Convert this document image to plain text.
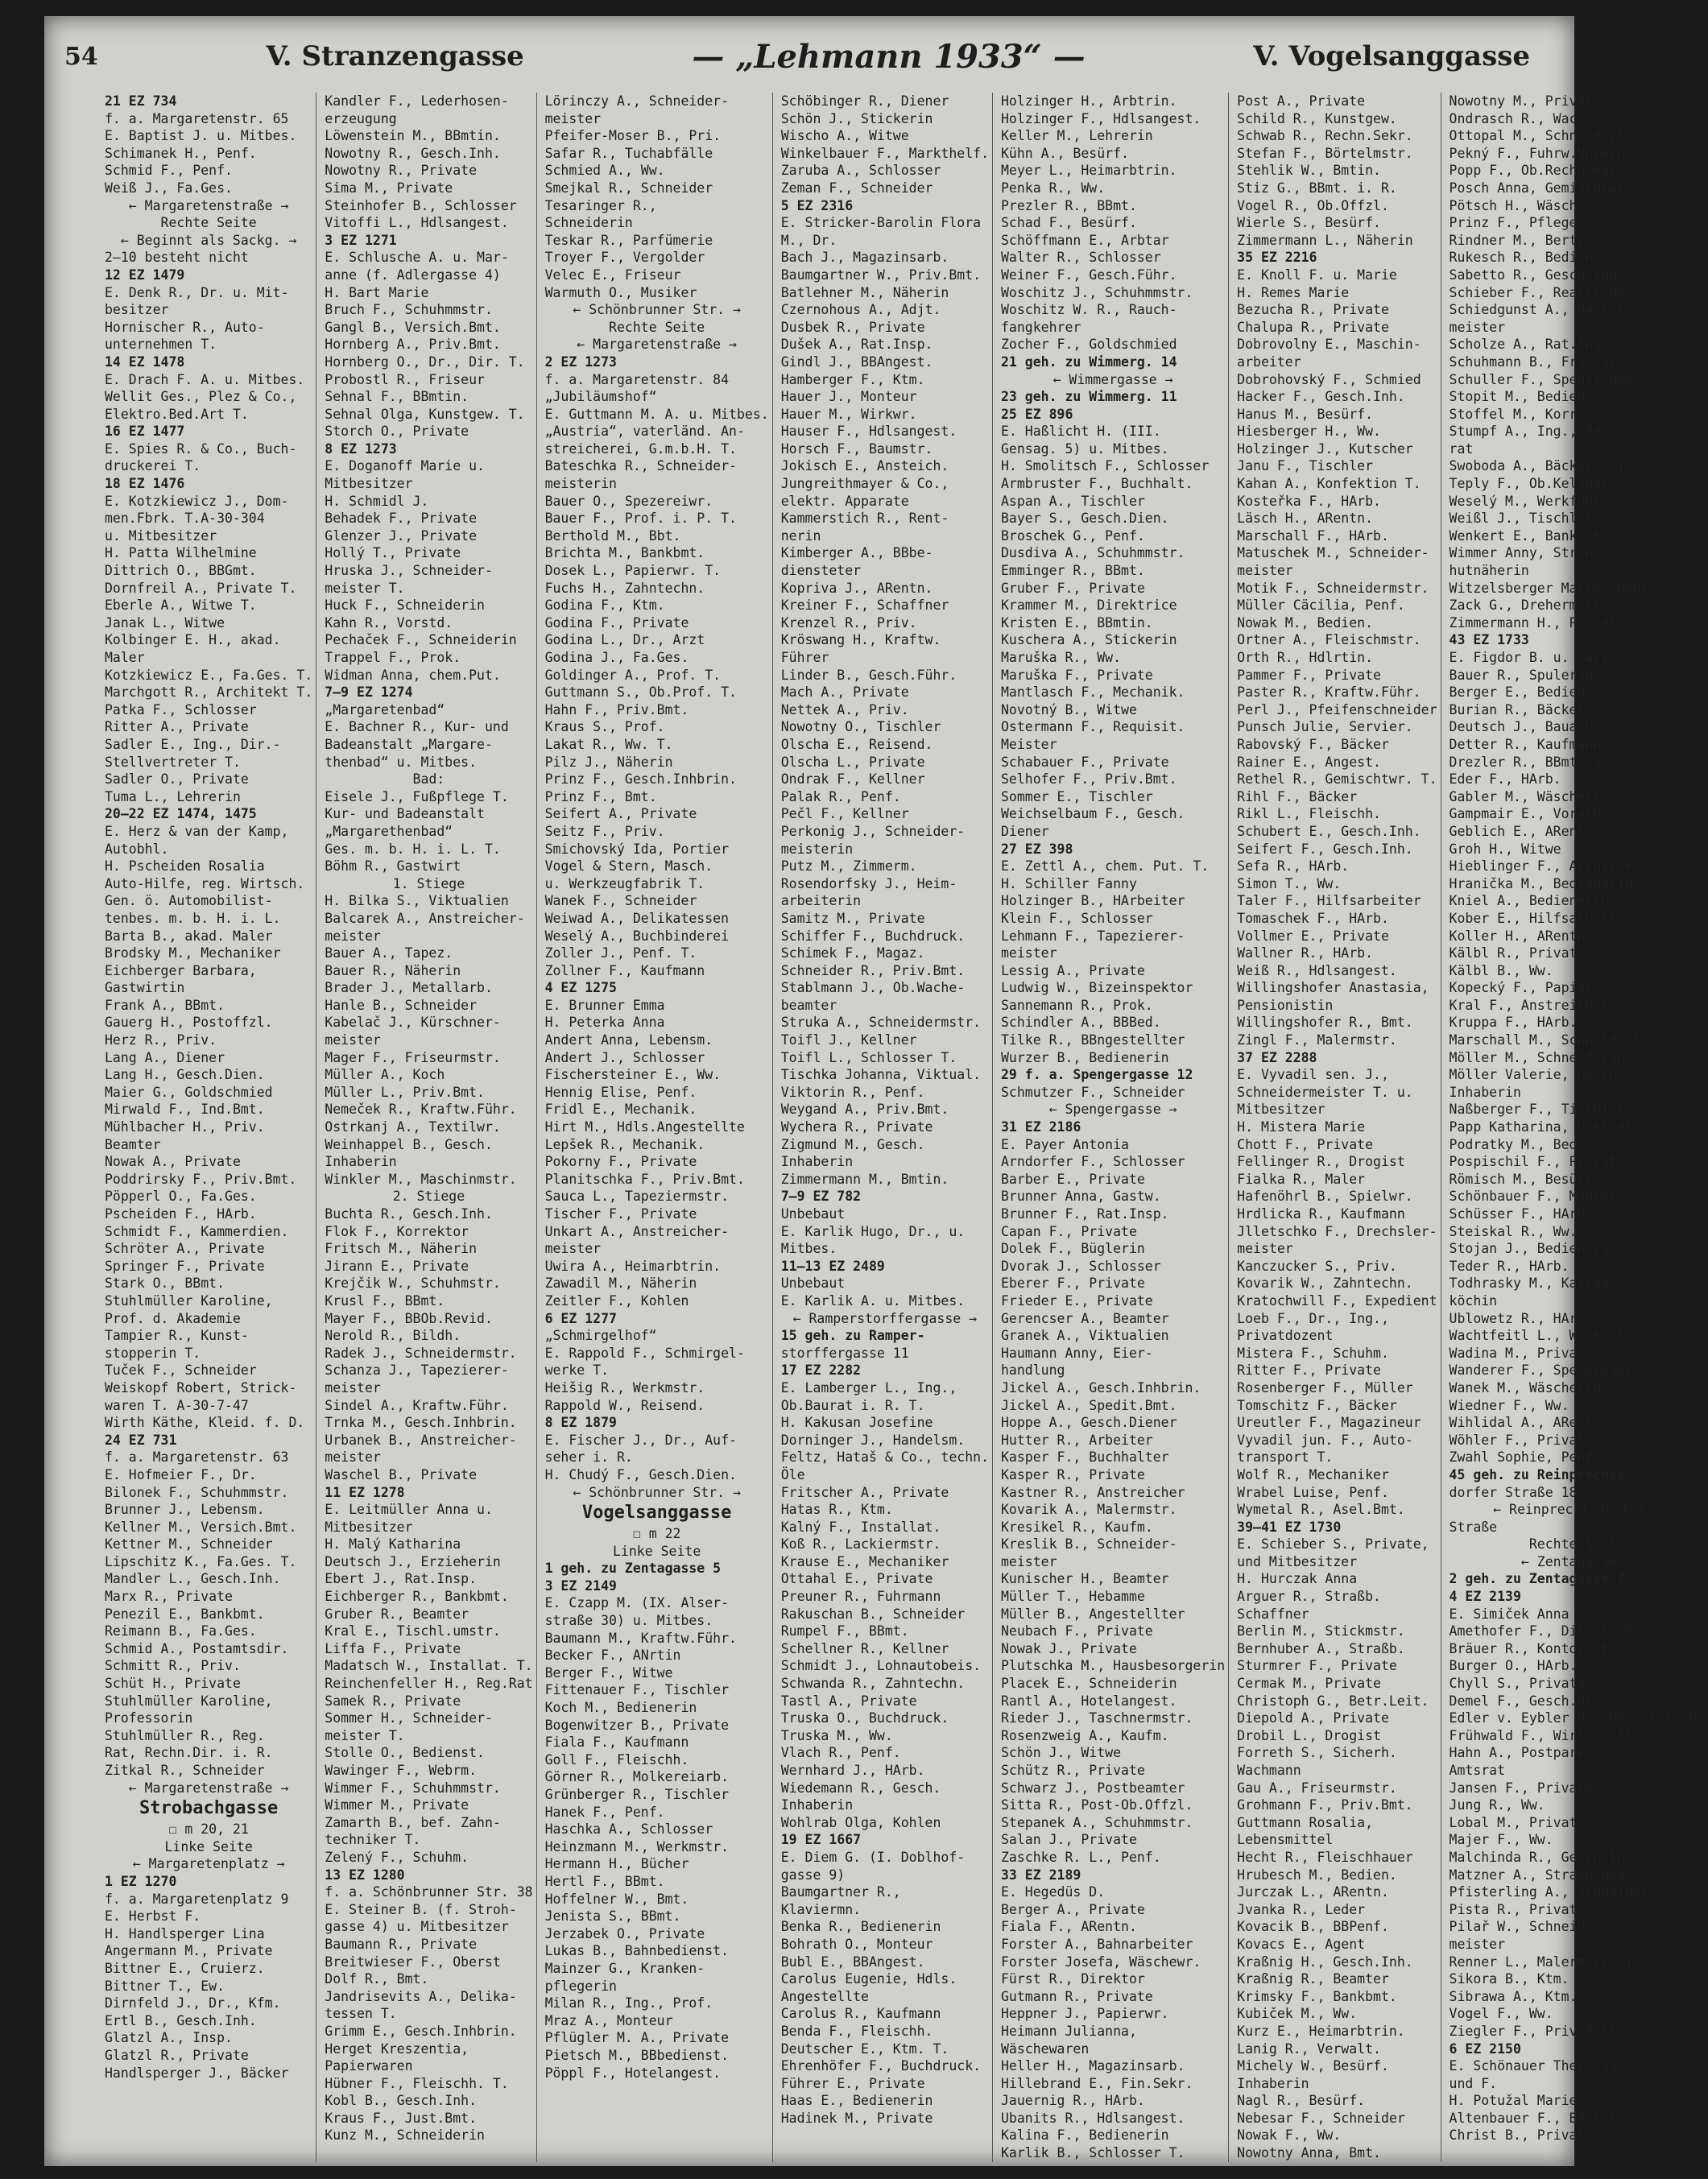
54	V. Stranzengasse	— „Lehmann 1933“ —	V. Vogelsanggasse
21 EZ 734
f. a. Margaretenstr. 65
E. Baptist J. u. Mitbes.
Schimanek H., Penf.
Schmid F., Penf.
Weiß J., Fa.Ges.
← Margaretenstraße →
Rechte Seite
← Beginnt als Sackg. →
2—10 besteht nicht
12 EZ 1479
E. Denk R., Dr. u. Mit-
besitzer
Hornischer R., Auto-
unternehmen T.
14 EZ 1478
E. Drach F. A. u. Mitbes.
Wellit Ges., Plez & Co.,
Elektro.Bed.Art T.
16 EZ 1477
E. Spies R. & Co., Buch-
druckerei T.
18 EZ 1476
E. Kotzkiewicz J., Dom-
men.Fbrk. T.A-30-304
u. Mitbesitzer
H. Patta Wilhelmine
Dittrich O., BBGmt.
Dornfreil A., Private T.
Eberle A., Witwe T.
Janak L., Witwe
Kolbinger E. H., akad.
Maler
Kotzkiewicz E., Fa.Ges. T.
Marchgott R., Architekt T.
Patka F., Schlosser
Ritter A., Private
Sadler E., Ing., Dir.-
Stellvertreter T.
Sadler O., Private
Tuma L., Lehrerin
20—22 EZ 1474, 1475
E. Herz & van der Kamp,
Autobhl.
H. Pscheiden Rosalia
Auto-Hilfe, reg. Wirtsch.
Gen. ö. Automobilist-
tenbes. m. b. H. i. L.
Barta B., akad. Maler
Brodsky M., Mechaniker
Eichberger Barbara,
Gastwirtin
Frank A., BBmt.
Gauerg H., Postoffzl.
Herz R., Priv.
Lang A., Diener
Lang H., Gesch.Dien.
Maier G., Goldschmied
Mirwald F., Ind.Bmt.
Mühlbacher H., Priv.
Beamter
Nowak A., Private
Poddrirsky F., Priv.Bmt.
Pöpperl O., Fa.Ges.
Pscheiden F., HArb.
Schmidt F., Kammerdien.
Schröter A., Private
Springer F., Private
Stark O., BBmt.
Stuhlmüller Karoline,
Prof. d. Akademie
Tampier R., Kunst-
stopperin T.
Tuček F., Schneider
Weiskopf Robert, Strick-
waren T. A-30-7-47
Wirth Käthe, Kleid. f. D.
24 EZ 731
f. a. Margaretenstr. 63
E. Hofmeier F., Dr.
Bilonek F., Schuhmmstr.
Brunner J., Lebensm.
Kellner M., Versich.Bmt.
Kettner M., Schneider
Lipschitz K., Fa.Ges. T.
Mandler L., Gesch.Inh.
Marx R., Private
Penezil E., Bankbmt.
Reimann B., Fa.Ges.
Schmid A., Postamtsdir.
Schmitt R., Priv.
Schüt H., Private
Stuhlmüller Karoline,
Professorin
Stuhlmüller R., Reg.
Rat, Rechn.Dir. i. R.
Zitkal R., Schneider
← Margaretenstraße →
Strobachgasse
☐ m 20, 21
Linke Seite
← Margaretenplatz →
1 EZ 1270
f. a. Margaretenplatz 9
E. Herbst F.
H. Handlsperger Lina
Angermann M., Private
Bittner E., Cruierz.
Bittner T., Ew.
Dirnfeld J., Dr., Kfm.
Ertl B., Gesch.Inh.
Glatzl A., Insp.
Glatzl R., Private
Handlsperger J., Bäcker
Kandler F., Lederhosen-
erzeugung
Löwenstein M., BBmtin.
Nowotny R., Gesch.Inh.
Nowotny R., Private
Sima M., Private
Steinhofer B., Schlosser
Vitoffi L., Hdlsangest.
3 EZ 1271
E. Schlusche A. u. Mar-
anne (f. Adlergasse 4)
H. Bart Marie
Bruch F., Schuhmmstr.
Gangl B., Versich.Bmt.
Hornberg A., Priv.Bmt.
Hornberg O., Dr., Dir. T.
Probostl R., Friseur
Sehnal F., BBmtin.
Sehnal Olga, Kunstgew. T.
Storch O., Private
8 EZ 1273
E. Doganoff Marie u.
Mitbesitzer
H. Schmidl J.
Behadek F., Private
Glenzer J., Private
Hollý T., Private
Hruska J., Schneider-
meister T.
Huck F., Schneiderin
Kahn R., Vorstd.
Pechaček F., Schneiderin
Trappel F., Prok.
Widman Anna, chem.Put.
7—9 EZ 1274
„Margaretenbad“
E. Bachner R., Kur- und
Badeanstalt „Margare-
thenbad“ u. Mitbes.
Bad:
Eisele J., Fußpflege T.
Kur- und Badeanstalt
„Margarethenbad“
Ges. m. b. H. i. L. T.
Böhm R., Gastwirt
1. Stiege
H. Bilka S., Viktualien
Balcarek A., Anstreicher-
meister
Bauer A., Tapez.
Bauer R., Näherin
Brader J., Metallarb.
Hanle B., Schneider
Kabelač J., Kürschner-
meister
Mager F., Friseurmstr.
Müller A., Koch
Müller L., Priv.Bmt.
Nemeček R., Kraftw.Führ.
Ostrkanj A., Textilwr.
Weinhappel B., Gesch.
Inhaberin
Winkler M., Maschinmstr.
2. Stiege
Buchta R., Gesch.Inh.
Flok F., Korrektor
Fritsch M., Näherin
Jirann E., Private
Krejčik W., Schuhmstr.
Krusl F., BBmt.
Mayer F., BBOb.Revid.
Nerold R., Bildh.
Radek J., Schneidermstr.
Schanza J., Tapezierer-
meister
Sindel A., Kraftw.Führ.
Trnka M., Gesch.Inhbrin.
Urbanek B., Anstreicher-
meister
Waschel B., Private
11 EZ 1278
E. Leitmüller Anna u.
Mitbesitzer
H. Malý Katharina
Deutsch J., Erzieherin
Ebert J., Rat.Insp.
Eichberger R., Bankbmt.
Gruber R., Beamter
Kral E., Tischl.umstr.
Liffa F., Private
Madatsch W., Installat. T.
Reinchenfeller H., Reg.Rat
Samek R., Private
Sommer H., Schneider-
meister T.
Stolle O., Bedienst.
Wawinger F., Webrm.
Wimmer F., Schuhmmstr.
Wimmer M., Private
Zamarth B., bef. Zahn-
techniker T.
Zelený F., Schuhm.
13 EZ 1280
f. a. Schönbrunner Str. 38
E. Steiner B. (f. Stroh-
gasse 4) u. Mitbesitzer
Baumann R., Private
Breitwieser F., Oberst
Dolf R., Bmt.
Jandrisevits A., Delika-
tessen T.
Grimm E., Gesch.Inhbrin.
Herget Kreszentia,
Papierwaren
Hübner F., Fleischh. T.
Kobl B., Gesch.Inh.
Kraus F., Just.Bmt.
Kunz M., Schneiderin
Lörinczy A., Schneider-
meister
Pfeifer-Moser B., Pri.
Safar R., Tuchabfälle
Schmied A., Ww.
Smejkal R., Schneider
Tesaringer R.,
Schneiderin
Teskar R., Parfümerie
Troyer F., Vergolder
Velec E., Friseur
Warmuth O., Musiker
← Schönbrunner Str. →
Rechte Seite
← Margaretenstraße →
2 EZ 1273
f. a. Margaretenstr. 84
„Jubiläumshof“
E. Guttmann M. A. u. Mitbes.
„Austria“, vaterländ. An-
streicherei, G.m.b.H. T.
Bateschka R., Schneider-
meisterin
Bauer O., Spezereiwr.
Bauer F., Prof. i. P. T.
Berthold M., Bbt.
Brichta M., Bankbmt.
Dosek L., Papierwr. T.
Fuchs H., Zahntechn.
Godina F., Ktm.
Godina F., Private
Godina L., Dr., Arzt
Godina J., Fa.Ges.
Goldinger A., Prof. T.
Guttmann S., Ob.Prof. T.
Hahn F., Priv.Bmt.
Kraus S., Prof.
Lakat R., Ww. T.
Pilz J., Näherin
Prinz F., Gesch.Inhbrin.
Prinz F., Bmt.
Seifert A., Private
Seitz F., Priv.
Smichovský Ida, Portier
Vogel & Stern, Masch.
u. Werkzeugfabrik T.
Wanek F., Schneider
Weiwad A., Delikatessen
Weselý A., Buchbinderei
Zoller J., Penf. T.
Zollner F., Kaufmann
4 EZ 1275
E. Brunner Emma
H. Peterka Anna
Andert Anna, Lebensm.
Andert J., Schlosser
Fischersteiner E., Ww.
Hennig Elise, Penf.
Fridl E., Mechanik.
Hirt M., Hdls.Angestellte
Lepšek R., Mechanik.
Pokorny F., Private
Planitschka F., Priv.Bmt.
Sauca L., Tapeziermstr.
Tischer F., Private
Unkart A., Anstreicher-
meister
Uwira A., Heimarbtrin.
Zawadil M., Näherin
Zeitler F., Kohlen
6 EZ 1277
„Schmirgelhof“
E. Rappold F., Schmirgel-
werke T.
Heišig R., Werkmstr.
Rappold W., Reisend.
8 EZ 1879
E. Fischer J., Dr., Auf-
seher i. R.
H. Chudý F., Gesch.Dien.
← Schönbrunner Str. →
Vogelsanggasse
☐ m 22
Linke Seite
1 geh. zu Zentagasse 5
3 EZ 2149
E. Czapp M. (IX. Alser-
straße 30) u. Mitbes.
Baumann M., Kraftw.Führ.
Becker F., ANrtin
Berger F., Witwe
Fittenauer F., Tischler
Koch M., Bedienerin
Bogenwitzer B., Private
Fiala F., Kaufmann
Goll F., Fleischh.
Görner R., Molkereiarb.
Grünberger R., Tischler
Hanek F., Penf.
Haschka A., Schlosser
Heinzmann M., Werkmstr.
Hermann H., Bücher
Hertl F., BBmt.
Hoffelner W., Bmt.
Jenista S., BBmt.
Jerzabek O., Private
Lukas B., Bahnbedienst.
Mainzer G., Kranken-
pflegerin
Milan R., Ing., Prof.
Mraz A., Monteur
Pflügler M. A., Private
Pietsch M., BBbedienst.
Pöppl F., Hotelangest.
Schöbinger R., Diener
Schön J., Stickerin
Wischo A., Witwe
Winkelbauer F., Markthelf.
Zaruba A., Schlosser
Zeman F., Schneider
5 EZ 2316
E. Stricker-Barolin Flora
M., Dr.
Bach J., Magazinsarb.
Baumgartner W., Priv.Bmt.
Batlehner M., Näherin
Czernohous A., Adjt.
Dusbek R., Private
Dušek A., Rat.Insp.
Gindl J., BBAngest.
Hamberger F., Ktm.
Hauer J., Monteur
Hauer M., Wirkwr.
Hauser F., Hdlsangest.
Horsch F., Baumstr.
Jokisch E., Ansteich.
Jungreithmayer & Co.,
elektr. Apparate
Kammerstich R., Rent-
nerin
Kimberger A., BBbe-
diensteter
Kopriva J., ARentn.
Kreiner F., Schaffner
Krenzel R., Priv.
Kröswang H., Kraftw.
Führer
Linder B., Gesch.Führ.
Mach A., Private
Nettek A., Priv.
Nowotny O., Tischler
Olscha E., Reisend.
Olscha L., Private
Ondrak F., Kellner
Palak R., Penf.
Pečl F., Kellner
Perkonig J., Schneider-
meisterin
Putz M., Zimmerm.
Rosendorfsky J., Heim-
arbeiterin
Samitz M., Private
Schiffer F., Buchdruck.
Schimek F., Magaz.
Schneider R., Priv.Bmt.
Stablmann J., Ob.Wache-
beamter
Struka A., Schneidermstr.
Toifl J., Kellner
Toifl L., Schlosser T.
Tischka Johanna, Viktual.
Viktorin R., Penf.
Weygand A., Priv.Bmt.
Wychera R., Private
Zigmund M., Gesch.
Inhaberin
Zimmermann M., Bmtin.
7—9 EZ 782
Unbebaut
E. Karlik Hugo, Dr., u.
Mitbes.
11—13 EZ 2489
Unbebaut
E. Karlik A. u. Mitbes.
← Ramperstorffergasse →
15 geh. zu Ramper-
storffergasse 11
17 EZ 2282
E. Lamberger L., Ing.,
Ob.Baurat i. R. T.
H. Kakusan Josefine
Dorninger J., Handelsm.
Feltz, Hataš & Co., techn.
Öle
Fritscher A., Private
Hatas R., Ktm.
Kalný F., Installat.
Koß R., Lackiermstr.
Krause E., Mechaniker
Ottahal E., Private
Preuner R., Fuhrmann
Rakuschan B., Schneider
Rumpel F., BBmt.
Schellner R., Kellner
Schmidt J., Lohnautobeis.
Schwanda R., Zahntechn.
Tastl A., Private
Truska O., Buchdruck.
Truska M., Ww.
Vlach R., Penf.
Wernhard J., HArb.
Wiedemann R., Gesch.
Inhaberin
Wohlrab Olga, Kohlen
19 EZ 1667
E. Diem G. (I. Doblhof-
gasse 9)
Baumgartner R.,
Klaviermn.
Benka R., Bedienerin
Bohrath O., Monteur
Bubl E., BBAngest.
Carolus Eugenie, Hdls.
Angestellte
Carolus R., Kaufmann
Benda F., Fleischh.
Deutscher E., Ktm. T.
Ehrenhöfer F., Buchdruck.
Führer E., Private
Haas E., Bedienerin
Hadinek M., Private
Holzinger H., Arbtrin.
Holzinger F., Hdlsangest.
Keller M., Lehrerin
Kühn A., Besürf.
Meyer L., Heimarbtrin.
Penka R., Ww.
Prezler R., BBmt.
Schad F., Besürf.
Schöffmann E., Arbtar
Walter R., Schlosser
Weiner F., Gesch.Führ.
Woschitz J., Schuhmmstr.
Woschitz W. R., Rauch-
fangkehrer
Zocher F., Goldschmied
21 geh. zu Wimmerg. 14
← Wimmergasse →
23 geh. zu Wimmerg. 11
25 EZ 896
E. Haßlicht H. (III.
Gensag. 5) u. Mitbes.
H. Smolitsch F., Schlosser
Armbruster F., Buchhalt.
Aspan A., Tischler
Bayer S., Gesch.Dien.
Broschek G., Penf.
Dusdiva A., Schuhmmstr.
Emminger R., BBmt.
Gruber F., Private
Krammer M., Direktrice
Kristen E., BBmtin.
Kuschera A., Stickerin
Maruška R., Ww.
Maruška F., Private
Mantlasch F., Mechanik.
Novotný B., Witwe
Ostermann F., Requisit.
Meister
Schabauer F., Private
Selhofer F., Priv.Bmt.
Sommer E., Tischler
Weichselbaum F., Gesch.
Diener
27 EZ 398
E. Zettl A., chem. Put. T.
H. Schiller Fanny
Holzinger B., HArbeiter
Klein F., Schlosser
Lehmann F., Tapezierer-
meister
Lessig A., Private
Ludwig W., Bizeinspektor
Sannemann R., Prok.
Schindler A., BBBed.
Tilke R., BBngestellter
Wurzer B., Bedienerin
29 f. a. Spengergasse 12
Schmutzer F., Schneider
← Spengergasse →
31 EZ 2186
E. Payer Antonia
Arndorfer F., Schlosser
Barber E., Private
Brunner Anna, Gastw.
Brunner F., Rat.Insp.
Capan F., Private
Dolek F., Büglerin
Dvorak J., Schlosser
Eberer F., Private
Frieder E., Private
Gerencser A., Beamter
Granek A., Viktualien
Haumann Anny, Eier-
handlung
Jickel A., Gesch.Inhbrin.
Jickel A., Spedit.Bmt.
Hoppe A., Gesch.Diener
Hutter R., Arbeiter
Kasper F., Buchhalter
Kasper R., Private
Kastner R., Anstreicher
Kovarik A., Malermstr.
Kresikel R., Kaufm.
Kreslik B., Schneider-
meister
Kunischer H., Beamter
Müller T., Hebamme
Müller B., Angestellter
Neubach F., Private
Nowak J., Private
Plutschka M., Hausbesorgerin
Placek E., Schneiderin
Rantl A., Hotelangest.
Rieder J., Taschnermstr.
Rosenzweig A., Kaufm.
Schön J., Witwe
Schütz R., Private
Schwarz J., Postbeamter
Sitta R., Post-Ob.Offzl.
Stepanek A., Schuhmmstr.
Salan J., Private
Zaschke R. L., Penf.
33 EZ 2189
E. Hegedüs D.
Berger A., Private
Fiala F., ARentn.
Forster A., Bahnarbeiter
Forster Josefa, Wäschewr.
Fürst R., Direktor
Gutmann R., Private
Heppner J., Papierwr.
Heimann Julianna,
Wäschewaren
Heller H., Magazinsarb.
Hillebrand E., Fin.Sekr.
Jauernig R., HArb.
Ubanits R., Hdlsangest.
Kalina F., Bedienerin
Karlik B., Schlosser T.
Post A., Private
Schild R., Kunstgew.
Schwab R., Rechn.Sekr.
Stefan F., Börtelmstr.
Stehlik W., Bmtin.
Stiz G., BBmt. i. R.
Vogel R., Ob.Offzl.
Wierle S., Besürf.
Zimmermann L., Näherin
35 EZ 2216
E. Knoll F. u. Marie
H. Remes Marie
Bezucha R., Private
Chalupa R., Private
Dobrovolny E., Maschin-
arbeiter
Dobrohovský F., Schmied
Hacker F., Gesch.Inh.
Hanus M., Besürf.
Hiesberger H., Ww.
Holzinger J., Kutscher
Janu F., Tischler
Kahan A., Konfektion T.
Kosteřka F., HArb.
Läsch H., ARentn.
Marschall F., HArb.
Matuschek M., Schneider-
meister
Motik F., Schneidermstr.
Müller Cäcilia, Penf.
Nowak M., Bedien.
Ortner A., Fleischmstr.
Orth R., Hdlrtin.
Pammer F., Private
Paster R., Kraftw.Führ.
Perl J., Pfeifenschneider
Punsch Julie, Servier.
Rabovský F., Bäcker
Rainer E., Angest.
Rethel R., Gemischtwr. T.
Rihl F., Bäcker
Rikl L., Fleischh.
Schubert E., Gesch.Inh.
Seifert F., Gesch.Inh.
Sefa R., HArb.
Simon T., Ww.
Taler F., Hilfsarbeiter
Tomaschek F., HArb.
Vollmer E., Private
Wallner R., HArb.
Weiß R., Hdlsangest.
Willingshofer Anastasia,
Pensionistin
Willingshofer R., Bmt.
Zingl F., Malermstr.
37 EZ 2288
E. Vyvadil sen. J.,
Schneidermeister T. u.
Mitbesitzer
H. Mistera Marie
Chott F., Private
Fellinger R., Drogist
Fialka R., Maler
Hafenöhrl B., Spielwr.
Hrdlicka R., Kaufmann
Jlletschko F., Drechsler-
meister
Kanczucker S., Priv.
Kovarik W., Zahntechn.
Kratochwill F., Expedient
Loeb F., Dr., Ing.,
Privatdozent
Mistera F., Schuhm.
Ritter F., Private
Rosenberger F., Müller
Tomschitz F., Bäcker
Ureutler F., Magazineur
Vyvadil jun. F., Auto-
transport T.
Wolf R., Mechaniker
Wrabel Luise, Penf.
Wymetal R., Asel.Bmt.
39—41 EZ 1730
E. Schieber S., Private,
und Mitbesitzer
H. Hurczak Anna
Arguer R., Straßb.
Schaffner
Berlin M., Stickmstr.
Bernhuber A., Straßb.
Sturmrer F., Private
Cermak M., Private
Christoph G., Betr.Leit.
Diepold A., Private
Drobil L., Drogist
Forreth S., Sicherh.
Wachmann
Gau A., Friseurmstr.
Grohmann F., Priv.Bmt.
Guttmann Rosalia,
Lebensmittel
Hecht R., Fleischhauer
Hrubesch M., Bedien.
Jurczak L., ARentn.
Jvanka R., Leder
Kovacik B., BBPenf.
Kovacs E., Agent
Kraßnig H., Gesch.Inh.
Kraßnig R., Beamter
Krimsky F., Bankbmt.
Kubiček M., Ww.
Kurz E., Heimarbtrin.
Lanig R., Verwalt.
Michely W., Besürf.
Inhaberin
Nagl R., Besürf.
Nebesar F., Schneider
Nowak F., Ww.
Nowotny Anna, Bmt.
Nowotny M., Private
Ondrasch R., Wachmann
Ottopal M., Schneiderin
Pekný F., Fuhrw.Untern.
Popp F., Ob.Rechn.Rat
Posch Anna, Gemischtwr.
Pötsch H., Wäschewr.
Prinz F., Pflegerin
Rindner M., Bertr.
Rukesch R., Bedien.
Sabetto R., Gesch.Inh.
Schieber F., Realit.Bes.
Schiedgunst A., Bäcker-
meister
Scholze A., Rat.Insp.
Schuhmann B., Friseur
Schuller F., Spedit.Bmt.
Stopit M., Bedien.
Stoffel M., Korresp.
Stumpf A., Ing., Bau-
rat
Swoboda A., Bäckerei T.
Teply F., Ob.Kellner
Weselý M., Werkführ.
Weißl J., Tischler
Wenkert E., Bankbmt.
Wimmer Anny, Stroh-
hutnäherin
Witzelsberger Marie, Penf.
Zack G., Drehermstr.
Zimmermann H., Private
43 EZ 1733
E. Figdor B. u. Marie
Bauer R., Spulerin
Berger E., Bedien.
Burian R., Bäcker
Deutsch J., Bauarb.
Detter R., Kaufmann
Drezler R., BBmt. i. R.
Eder F., HArb.
Gabler M., Wäscherin
Gampmair E., Vorarb.
Geblich E., ARentn.
Groh H., Witwe
Hieblinger F., Architekt
Hranička M., Bedienerin
Kniel A., Bedienerin
Kober E., Hilfsarbeiter
Koller H., ARentn.
Kälbl R., Private
Kälbl B., Ww.
Kopecký F., Papier
Kral F., Anstreicher
Kruppa F., HArb.
Marschall M., Schneiderin
Möller M., Schneiderin
Möller Valerie, Gesch.
Inhaberin
Naßberger F., Tischler
Papp Katharina, Viktual.
Podratky M., Bedien.
Pospischil F., Private
Römisch M., Besürf.
Schönbauer F., Maurer
Schüsser F., HArb.
Steiskal R., Ww.
Stojan J., Bedienerin
Teder R., HArb.
Todhrasky M., Kaffee-
köchin
Ublowetz R., HArb.
Wachtfeitl L., Werkmstr.
Wadina M., Private
Wanderer F., Spezereiwr.
Wanek M., Wäscherin
Wiedner F., Ww.
Wihlidal A., ARentn.
Wöhler F., Private
Zwahl Sophie, Penf.
45 geh. zu Reinprechts-
dorfer Straße 18
← Reinprechtsdorfer →
Straße
Rechte Seite
← Zentagasse →
2 geh. zu Zentagasse 7
4 EZ 2139
E. Simiček Anna
Amethofer F., Dir. i. R.
Bräuer R., Kontoristin
Burger O., HArb.
Chyll S., Private
Demel F., Gesch.Dien.
Edler v. Eybler H., Oberst i. R.
Frühwald F., Wirtschafterin
Hahn A., Postpark.
Amtsrat
Jansen F., Private
Jung R., Ww.
Lobal M., Private
Majer F., Ww.
Malchinda R., Gesch.Inh.
Matzner A., Straßb.Bed.
Pfisterling A., Schneider
Pista R., Private
Pilař W., Schneider-
meister
Renner L., Malermstr. T.
Sikora B., Ktm.
Sibrawa A., Ktm.
Vogel F., Ww.
Ziegler F., Priv.Bmtin.
6 EZ 2150
E. Schönauer Theresia
und F.
H. Potužal Marie
Altenbauer F., Bäcker
Christ B., Private
